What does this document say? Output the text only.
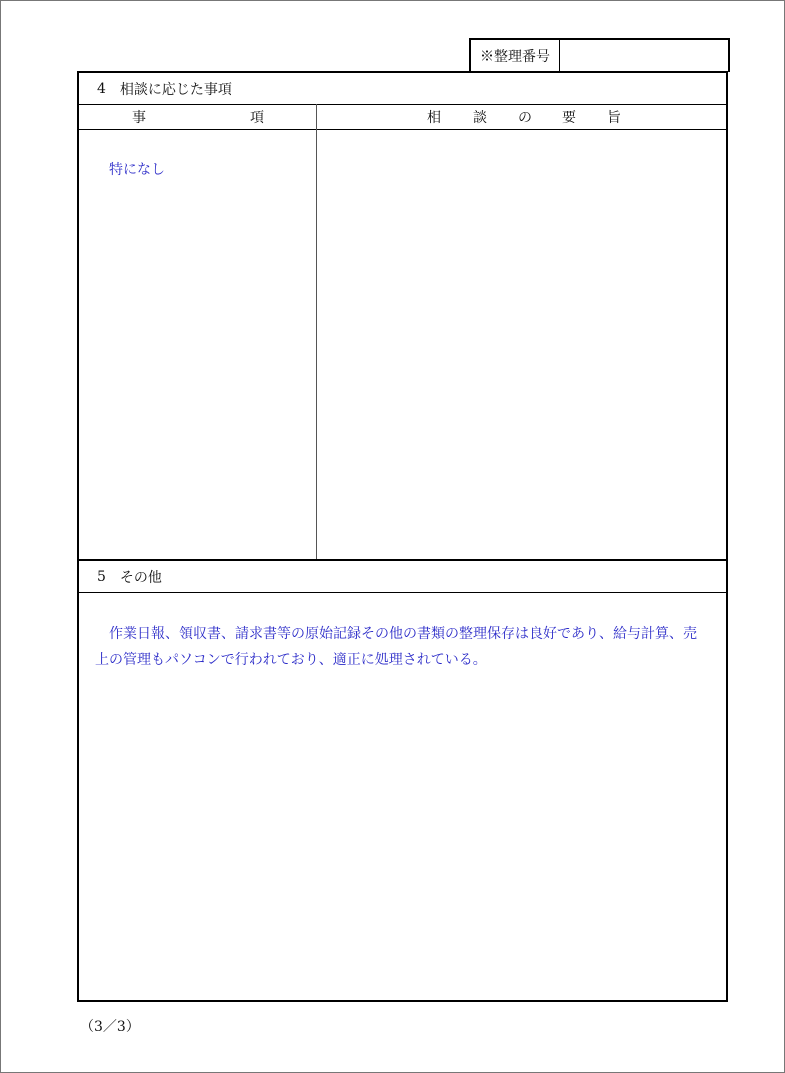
※整理番号
4 相談に応じた事項
事	項	相 談 の 要 旨
特になし
5 その他
作業日報、領収書、請求書等の原始記録その他の書類の整理保存は良好であり、給与計算、売
上の管理もパソコンで行われており、適正に処理されている。
（3／3）
